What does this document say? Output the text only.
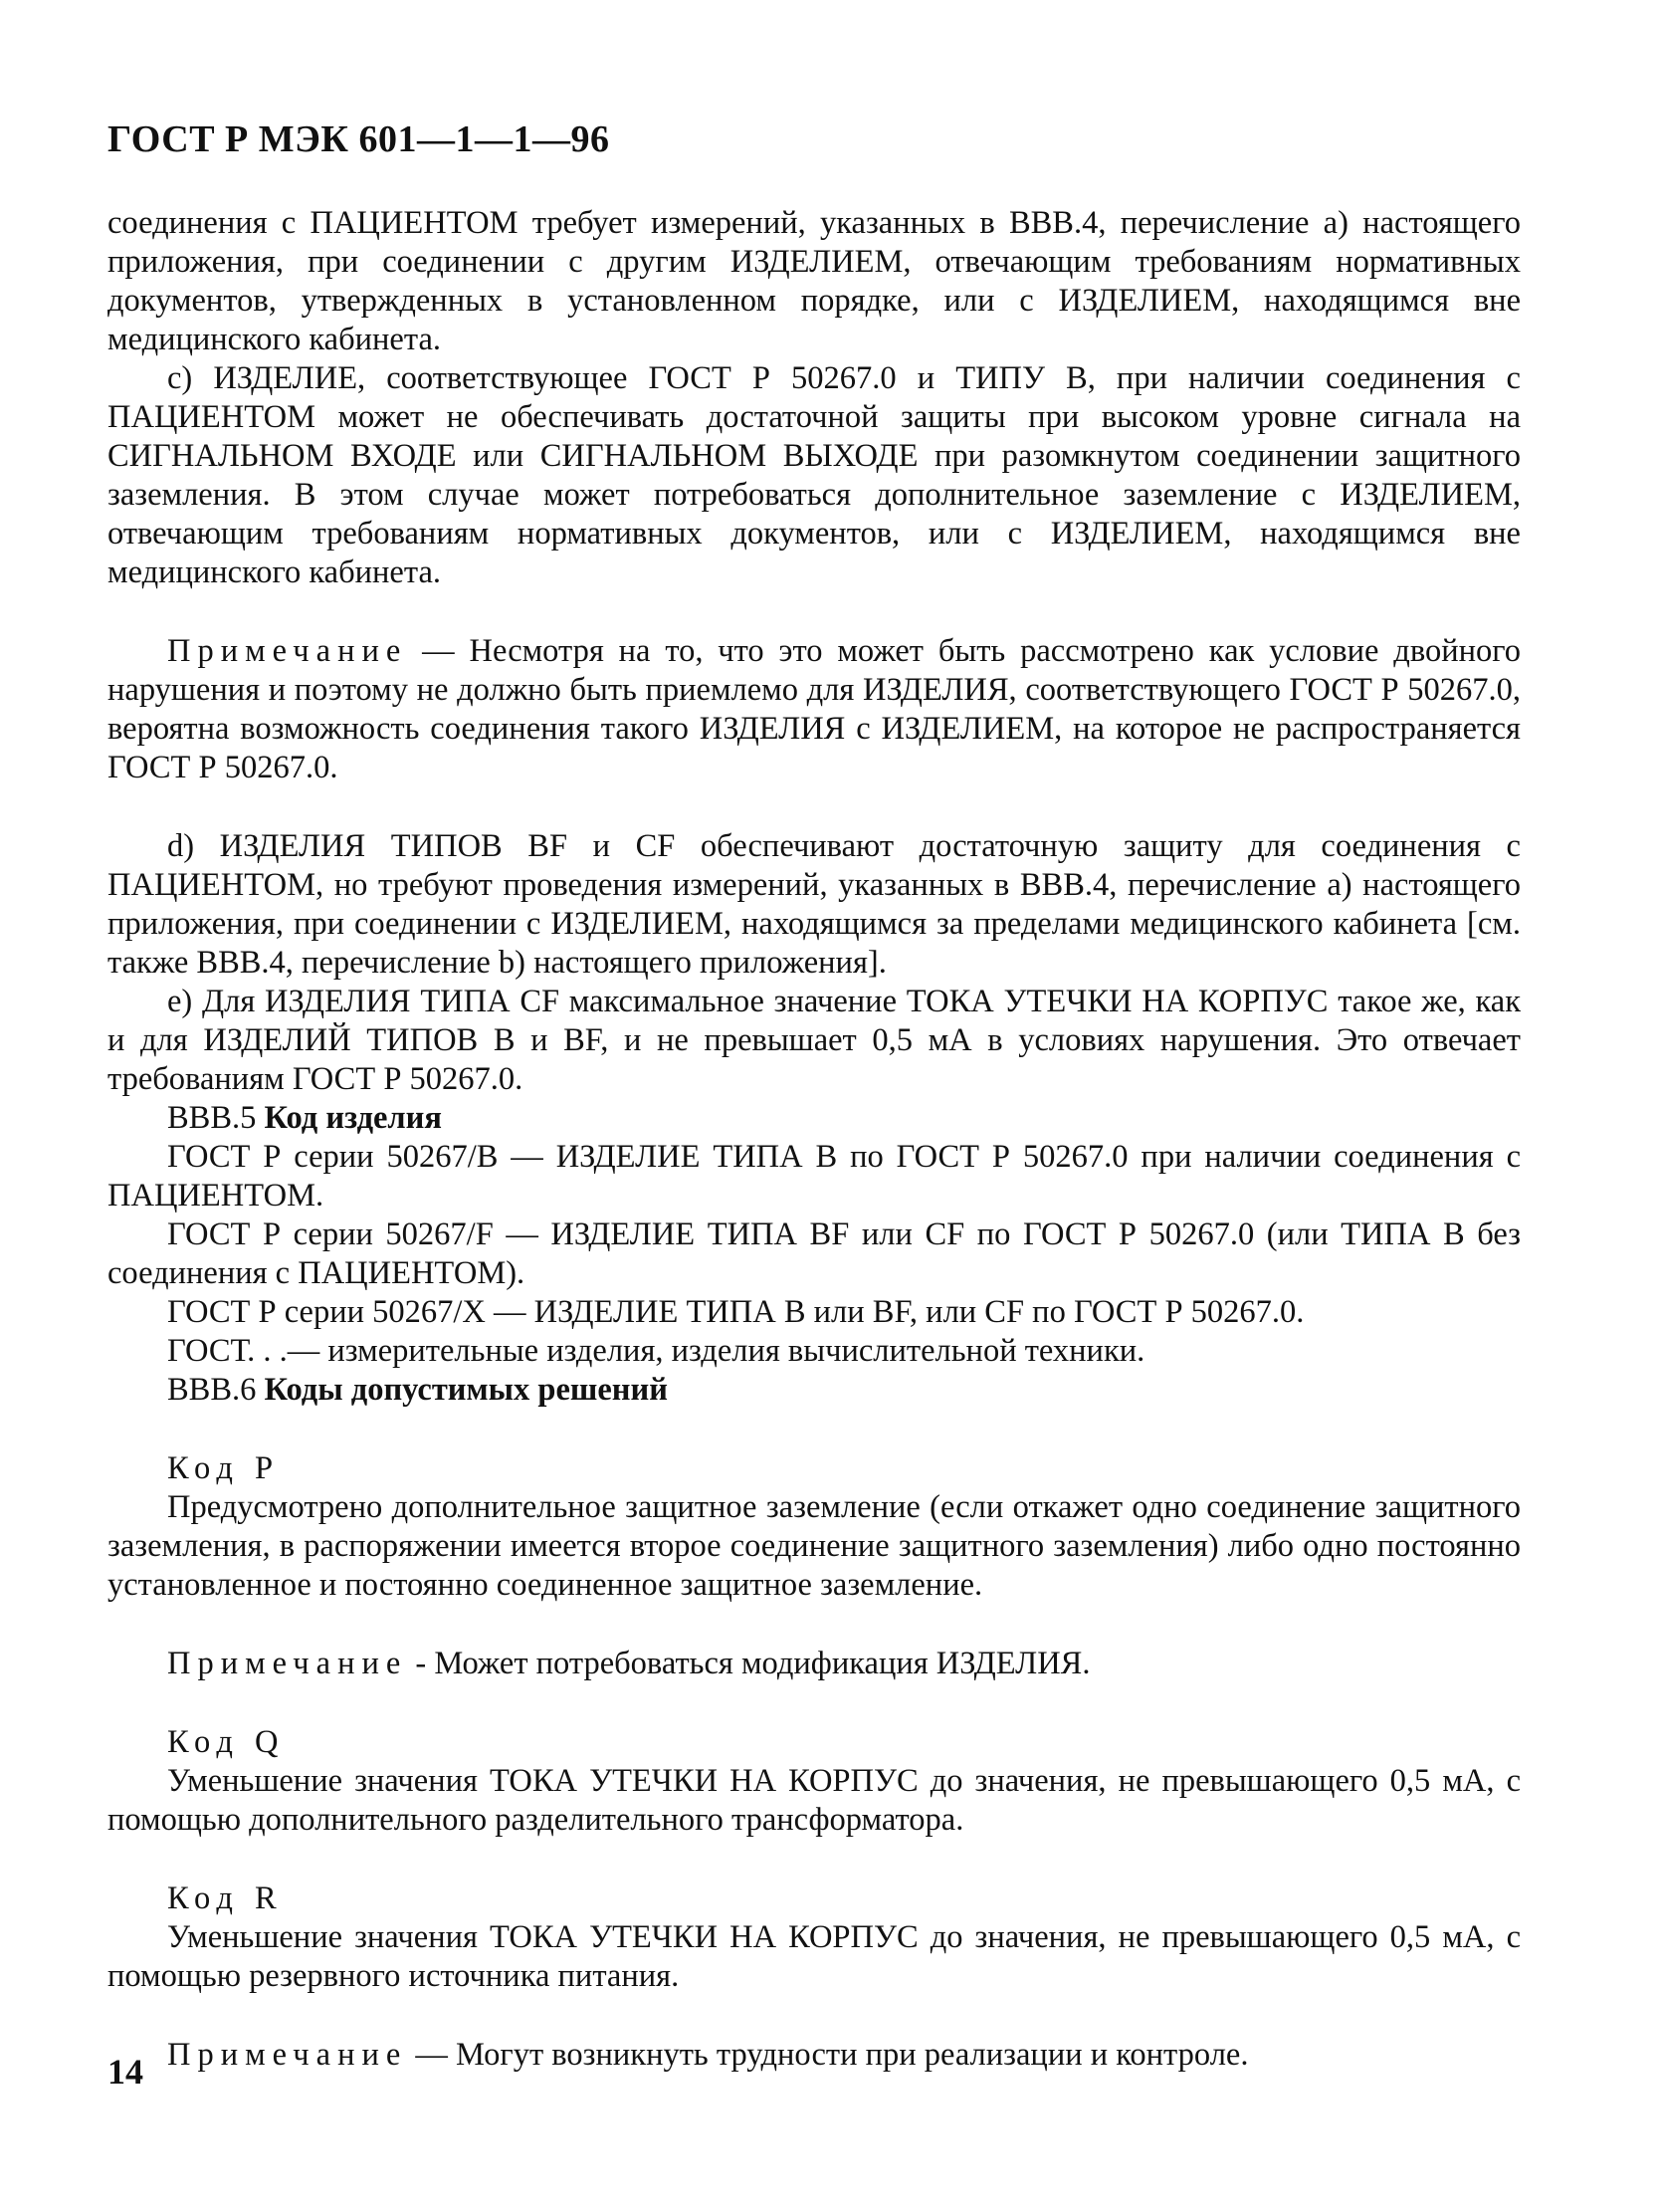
ГОСТ Р МЭК 601—1—1—96

соединения с ПАЦИЕНТОМ требует измерений, указанных в ВВВ.4, перечисление а) настоящего приложения, при соединении с другим ИЗДЕЛИЕМ, отвечающим требованиям нормативных документов, утвержденных в установленном порядке, или с ИЗДЕЛИЕМ, находящимся вне медицинского кабинета.

с) ИЗДЕЛИЕ, соответствующее ГОСТ Р 50267.0 и ТИПУ В, при наличии соединения с ПАЦИЕНТОМ может не обеспечивать достаточной защиты при высоком уровне сигнала на СИГНАЛЬНОМ ВХОДЕ или СИГНАЛЬНОМ ВЫХОДЕ при разомкнутом соединении защитного заземления. В этом случае может потребоваться дополнительное заземление с ИЗДЕЛИЕМ, отвечающим требованиям нормативных документов, или с ИЗДЕЛИЕМ, находящимся вне медицинского кабинета.

Примечание — Несмотря на то, что это может быть рассмотрено как условие двойного нарушения и поэтому не должно быть приемлемо для ИЗДЕЛИЯ, соответствующего ГОСТ Р 50267.0, вероятна возможность соединения такого ИЗДЕЛИЯ с ИЗДЕЛИЕМ, на которое не распространяется ГОСТ Р 50267.0.

d) ИЗДЕЛИЯ ТИПОВ BF и CF обеспечивают достаточную защиту для соединения с ПАЦИЕНТОМ, но требуют проведения измерений, указанных в ВВВ.4, перечисление а) настоящего приложения, при соединении с ИЗДЕЛИЕМ, находящимся за пределами медицинского кабинета [см. также ВВВ.4, перечисление b) настоящего приложения].

е) Для ИЗДЕЛИЯ ТИПА CF максимальное значение ТОКА УТЕЧКИ НА КОРПУС такое же, как и для ИЗДЕЛИЙ ТИПОВ В и BF, и не превышает 0,5 мА в условиях нарушения. Это отвечает требованиям ГОСТ Р 50267.0.

ВВВ.5 Код изделия

ГОСТ Р серии 50267/В — ИЗДЕЛИЕ ТИПА В по ГОСТ Р 50267.0 при наличии соединения с ПАЦИЕНТОМ.

ГОСТ Р серии 50267/F — ИЗДЕЛИЕ ТИПА BF или CF по ГОСТ Р 50267.0 (или ТИПА В без соединения с ПАЦИЕНТОМ).

ГОСТ Р серии 50267/Х — ИЗДЕЛИЕ ТИПА В или BF, или CF по ГОСТ Р 50267.0.

ГОСТ. . .— измерительные изделия, изделия вычислительной техники.

ВВВ.6 Коды допустимых решений

Код Р

Предусмотрено дополнительное защитное заземление (если откажет одно соединение защитного заземления, в распоряжении имеется второе соединение защитного заземления) либо одно постоянно установленное и постоянно соединенное защитное заземление.

Примечание - Может потребоваться модификация ИЗДЕЛИЯ.

Код Q

Уменьшение значения ТОКА УТЕЧКИ НА КОРПУС до значения, не превышающего 0,5 мА, с помощью дополнительного разделительного трансформатора.

Код R

Уменьшение значения ТОКА УТЕЧКИ НА КОРПУС до значения, не превышающего 0,5 мА, с помощью резервного источника питания.

Примечание — Могут возникнуть трудности при реализации и контроле.

14
